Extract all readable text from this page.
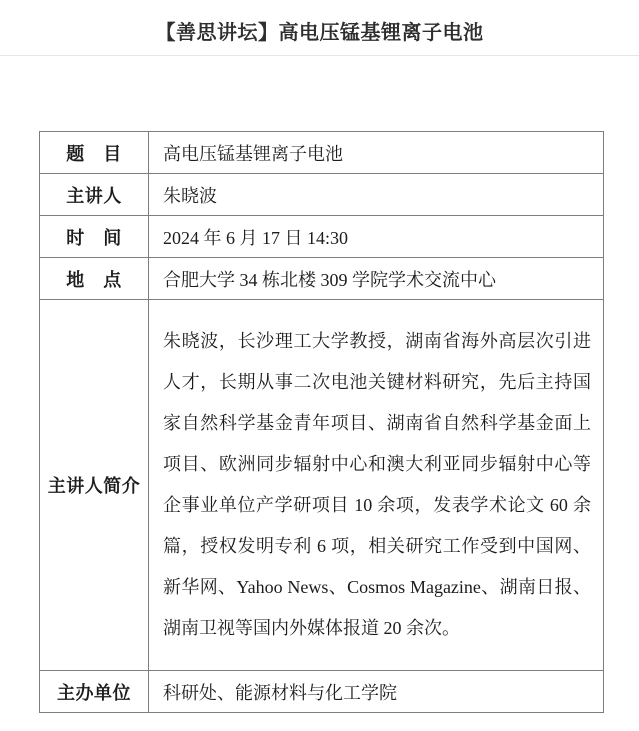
【善思讲坛】高电压锰基锂离子电池
题　目	高电压锰基锂离子电池
主讲人	朱晓波
时　间	2024 年 6 月 17 日 14:30
地　点	合肥大学 34 栋北楼 309 学院学术交流中心
主讲人简介	朱晓波，长沙理工大学教授，湖南省海外高层次引进人才，长期从事二次电池关键材料研究，先后主持国家自然科学基金青年项目、湖南省自然科学基金面上项目、欧洲同步辐射中心和澳大利亚同步辐射中心等企事业单位产学研项目 10 余项，发表学术论文 60 余篇，授权发明专利 6 项，相关研究工作受到中国网、新华网、Yahoo News、Cosmos Magazine、湖南日报、湖南卫视等国内外媒体报道 20 余次。
主办单位	科研处、能源材料与化工学院
